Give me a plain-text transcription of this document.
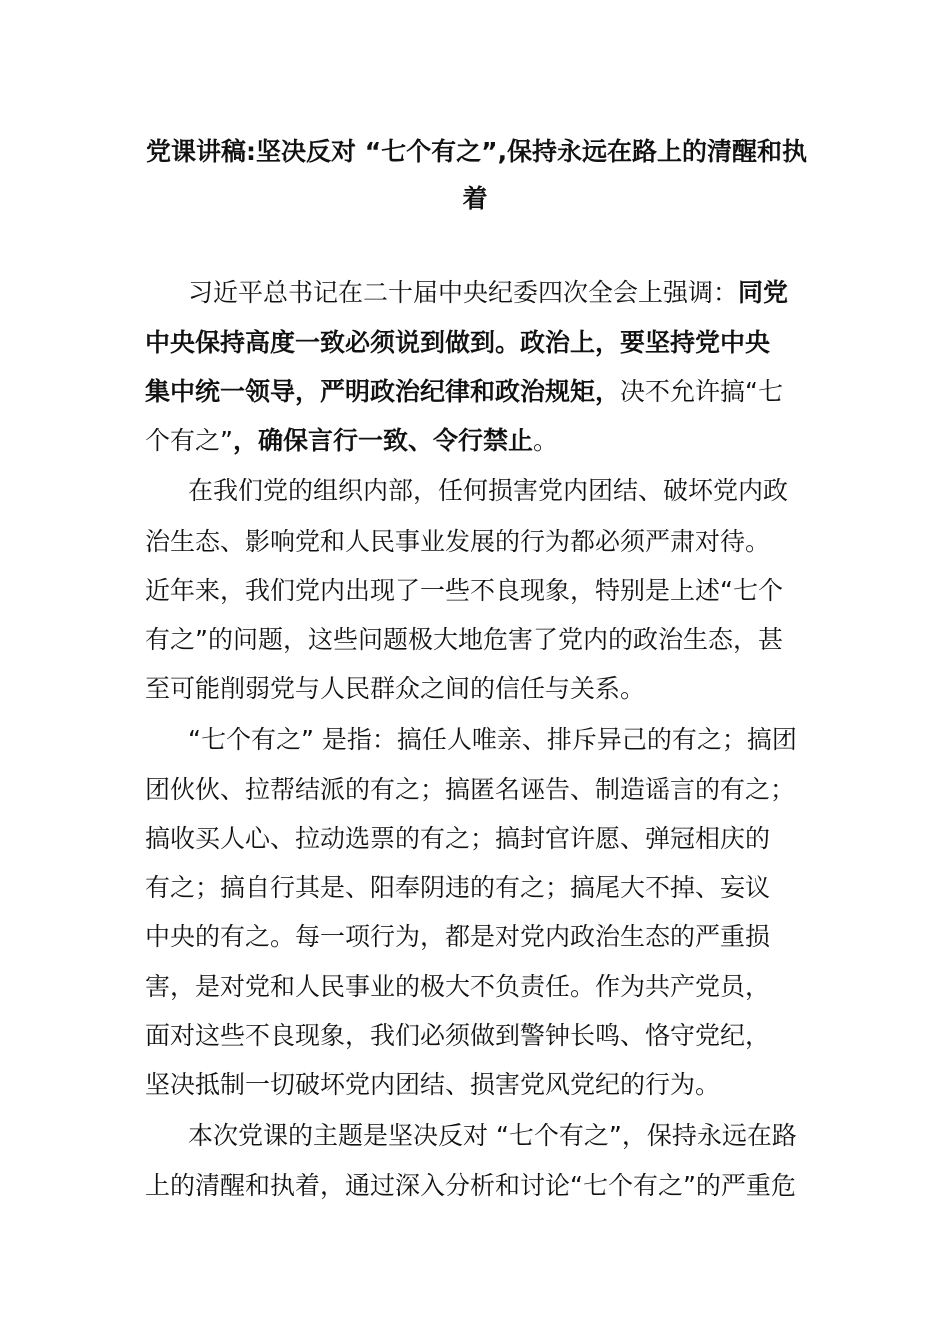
党课讲稿:坚决反对 “七个有之”,保持永远在路上的清醒和执
着

习近平总书记在二十届中央纪委四次全会上强调：同党

中央保持高度一致必须说到做到。政治上，要坚持党中央

集中统一领导，严明政治纪律和政治规矩，决不允许搞“七

个有之”，确保言行一致、令行禁止。

在我们党的组织内部，任何损害党内团结、破坏党内政

治生态、影响党和人民事业发展的行为都必须严肃对待。

近年来，我们党内出现了一些不良现象，特别是上述“七个

有之”的问题，这些问题极大地危害了党内的政治生态，甚

至可能削弱党与人民群众之间的信任与关系。

“七个有之” 是指：搞任人唯亲、排斥异己的有之；搞团

团伙伙、拉帮结派的有之；搞匿名诬告、制造谣言的有之；

搞收买人心、拉动选票的有之；搞封官许愿、弹冠相庆的

有之；搞自行其是、阳奉阴违的有之；搞尾大不掉、妄议

中央的有之。每一项行为，都是对党内政治生态的严重损

害，是对党和人民事业的极大不负责任。作为共产党员，

面对这些不良现象，我们必须做到警钟长鸣、恪守党纪，

坚决抵制一切破坏党内团结、损害党风党纪的行为。

本次党课的主题是坚决反对 “七个有之”，保持永远在路

上的清醒和执着，通过深入分析和讨论“七个有之”的严重危
